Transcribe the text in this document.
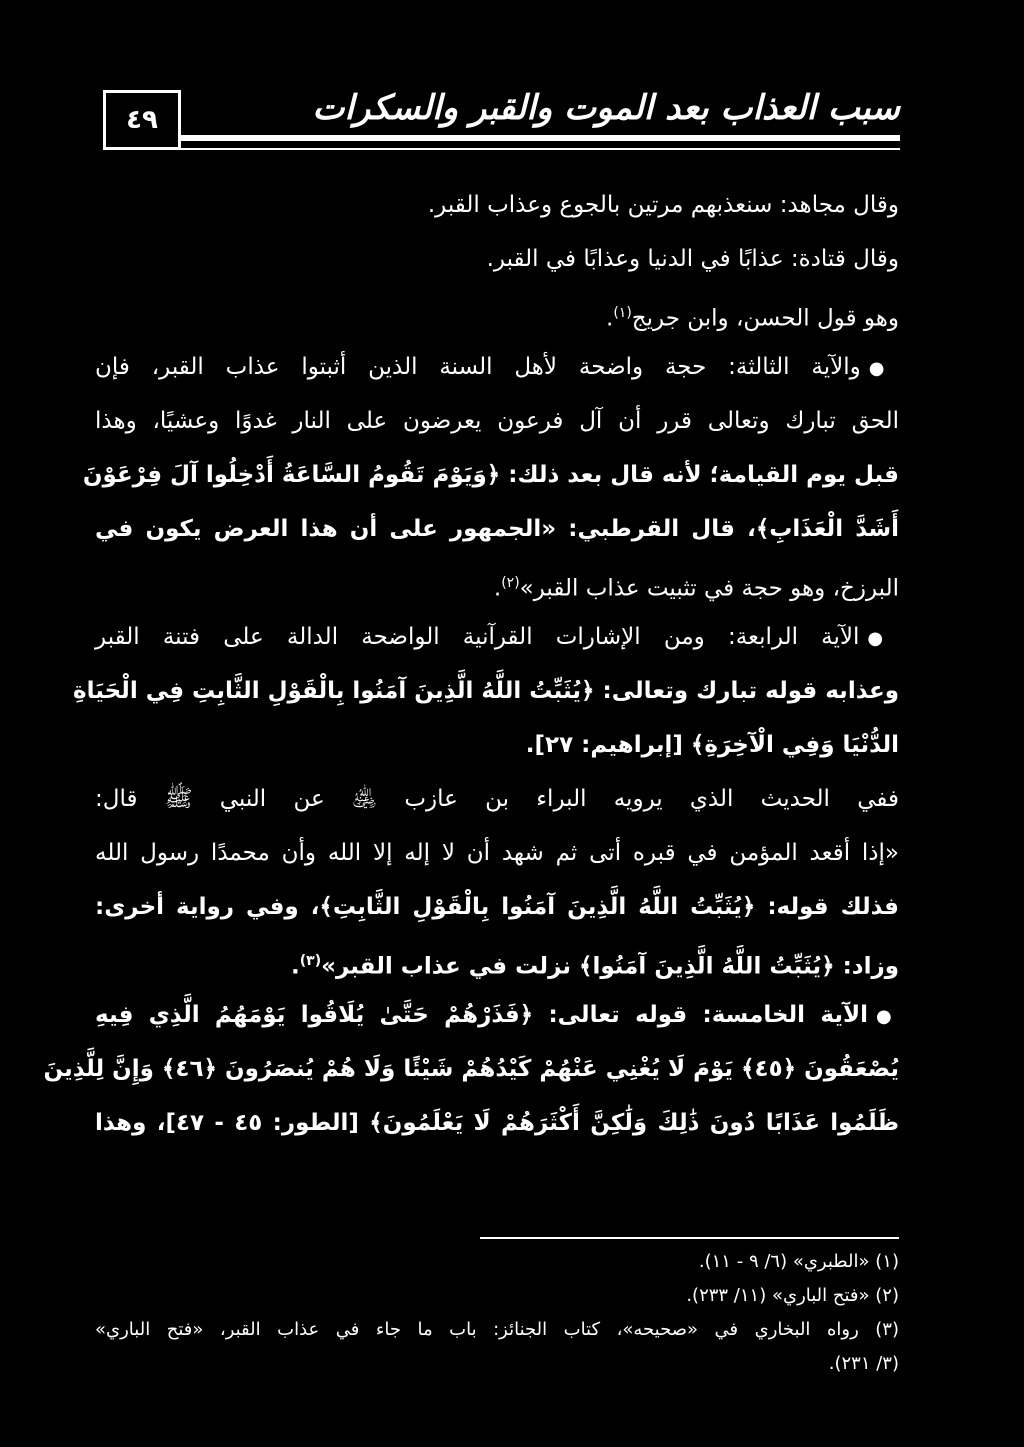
٤٩	سبب العذاب بعد الموت والقبر والسكرات
وقال مجاهد: سنعذبهم مرتين بالجوع وعذاب القبر.
وقال قتادة: عذابًا في الدنيا وعذابًا في القبر.
وهو قول الحسن، وابن جريج$^{(١)}$.
●والآية الثالثة: حجة واضحة لأهل السنة الذين أثبتوا عذاب القبر، فإن
الحق تبارك وتعالى قرر أن آل فرعون يعرضون على النار غدوًا وعشيًا، وهذا
قبل يوم القيامة؛ لأنه قال بعد ذلك: ﴿وَيَوْمَ تَقُومُ السَّاعَةُ أَدْخِلُوا آلَ فِرْعَوْنَ
أَشَدَّ الْعَذَابِ﴾، قال القرطبي: «الجمهور على أن هذا العرض يكون في
البرزخ، وهو حجة في تثبيت عذاب القبر»$^{(٢)}$.
●الآية الرابعة: ومن الإشارات القرآنية الواضحة الدالة على فتنة القبر
وعذابه قوله تبارك وتعالى: ﴿يُثَبِّتُ اللَّهُ الَّذِينَ آمَنُوا بِالْقَوْلِ الثَّابِتِ فِي الْحَيَاةِ
الدُّنْيَا وَفِي الْآخِرَةِ﴾ [إبراهيم: ٢٧].
ففي الحديث الذي يرويه البراء بن عازب ﵁ عن النبي ﷺ قال:
«إذا أقعد المؤمن في قبره أتى ثم شهد أن لا إله إلا الله وأن محمدًا رسول الله
فذلك قوله: ﴿يُثَبِّتُ اللَّهُ الَّذِينَ آمَنُوا بِالْقَوْلِ الثَّابِتِ﴾، وفي رواية أخرى:
وزاد: ﴿يُثَبِّتُ اللَّهُ الَّذِينَ آمَنُوا﴾ نزلت في عذاب القبر»$^{(٣)}$.
●الآية الخامسة: قوله تعالى: ﴿فَذَرْهُمْ حَتَّىٰ يُلَاقُوا يَوْمَهُمُ الَّذِي فِيهِ
يُصْعَقُونَ ﴿٤٥﴾ يَوْمَ لَا يُغْنِي عَنْهُمْ كَيْدُهُمْ شَيْئًا وَلَا هُمْ يُنصَرُونَ ﴿٤٦﴾ وَإِنَّ لِلَّذِينَ
ظَلَمُوا عَذَابًا دُونَ ذَٰلِكَ وَلَٰكِنَّ أَكْثَرَهُمْ لَا يَعْلَمُونَ﴾ [الطور: ٤٥ - ٤٧]، وهذا
(١) «الطبري» (٦/ ٩ - ١١).
(٢) «فتح الباري» (١١/ ٢٣٣).
(٣) رواه البخاري في «صحيحه»، كتاب الجنائز: باب ما جاء في عذاب القبر، «فتح الباري»
(٣/ ٢٣١).
